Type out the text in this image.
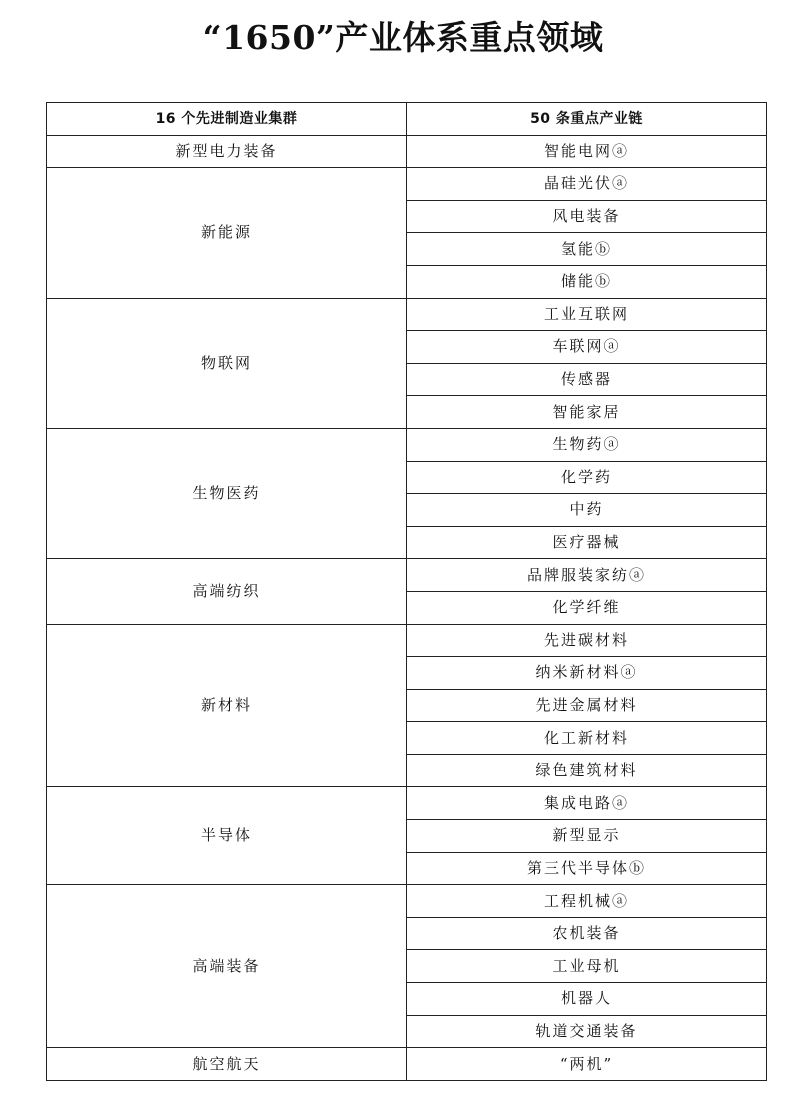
“1650”产业体系重点领域
16 个先进制造业集群	50 条重点产业链
新型电力装备	智能电网ⓐ
新能源	晶硅光伏ⓐ
	风电装备
	氢能ⓑ
	储能ⓑ
物联网	工业互联网
	车联网ⓐ
	传感器
	智能家居
生物医药	生物药ⓐ
	化学药
	中药
	医疗器械
高端纺织	品牌服装家纺ⓐ
	化学纤维
新材料	先进碳材料
	纳米新材料ⓐ
	先进金属材料
	化工新材料
	绿色建筑材料
半导体	集成电路ⓐ
	新型显示
	第三代半导体ⓑ
高端装备	工程机械ⓐ
	农机装备
	工业母机
	机器人
	轨道交通装备
航空航天	“两机”
